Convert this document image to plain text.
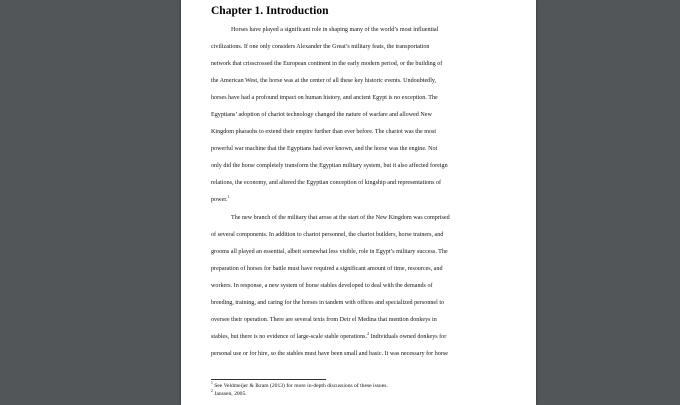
Chapter 1. Introduction

Horses have played a significant role in shaping many of the world’s most influential
civilizations. If one only considers Alexander the Great’s military feats, the transportation
network that crisscrossed the European continent in the early modern period, or the building of
the American West, the horse was at the center of all these key historic events. Undoubtedly,
horses have had a profound impact on human history, and ancient Egypt is no exception. The
Egyptians’ adoption of chariot technology changed the nature of warfare and allowed New
Kingdom pharaohs to extend their empire further than ever before. The chariot was the most
powerful war machine that the Egyptians had ever known, and the horse was the engine. Not
only did the horse completely transform the Egyptian military system, but it also affected foreign
relations, the economy, and altered the Egyptian conception of kingship and representations of
power.$^1$

The new branch of the military that arose at the start of the New Kingdom was comprised
of several components. In addition to chariot personnel, the chariot builders, horse trainers, and
grooms all played an essential, albeit somewhat less visible, role in Egypt’s military success. The
preparation of horses for battle must have required a significant amount of time, resources, and
workers. In response, a new system of horse stables developed to deal with the demands of
breeding, training, and caring for the horses in tandem with offices and specialized personnel to
oversee their operation. There are several texts from Deir el Medina that mention donkeys in
stables, but there is no evidence of large-scale stable operations.$^2$ Individuals owned donkeys for
personal use or for hire, so the stables must have been small and basic. It was necessary for horse

$^1$ See Veldmeijer & Ikram (2013) for more in-depth discussions of these issues.
$^2$ Janssen, 2005.
